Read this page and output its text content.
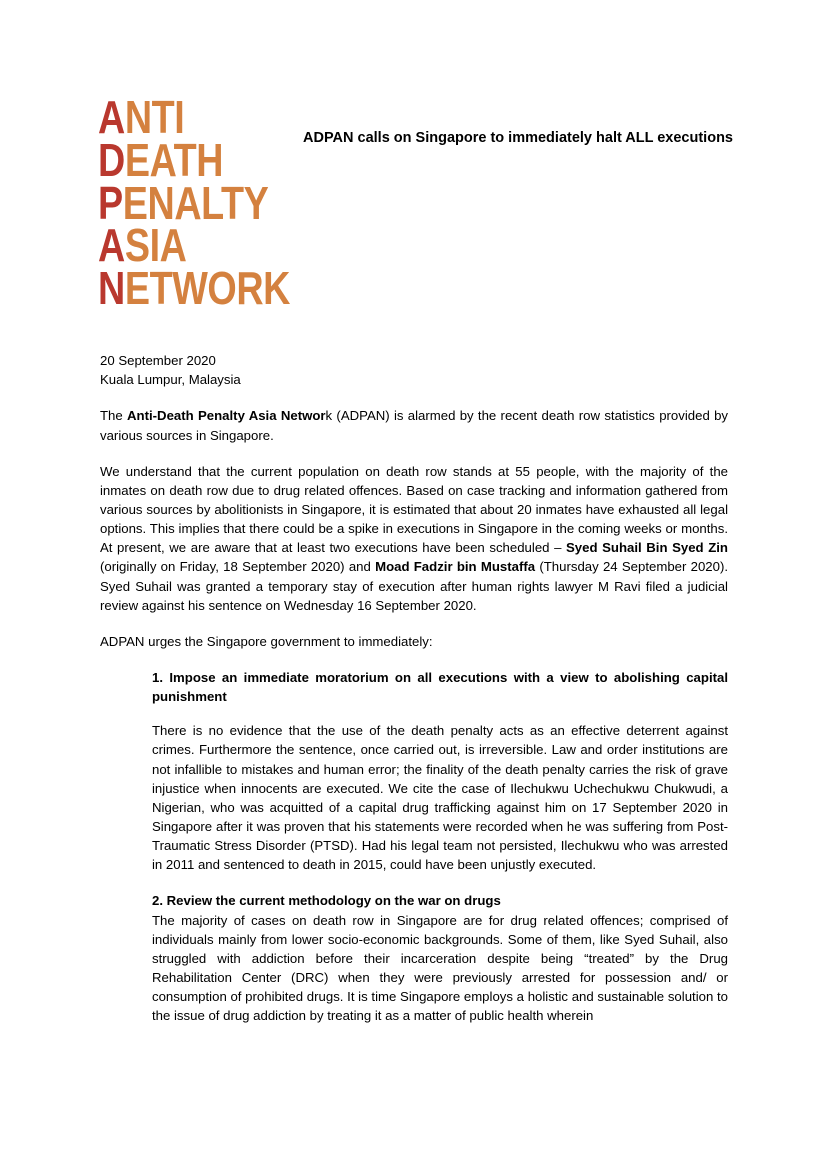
ANTI
DEATH
PENALTY
ASIA
NETWORK
ADPAN calls on Singapore to immediately halt ALL executions
20 September 2020
Kuala Lumpur, Malaysia

The Anti-Death Penalty Asia Network (ADPAN) is alarmed by the recent death row statistics provided by various sources in Singapore.

We understand that the current population on death row stands at 55 people, with the majority of the inmates on death row due to drug related offences. Based on case tracking and information gathered from various sources by abolitionists in Singapore, it is estimated that about 20 inmates have exhausted all legal options. This implies that there could be a spike in executions in Singapore in the coming weeks or months. At present, we are aware that at least two executions have been scheduled – Syed Suhail Bin Syed Zin (originally on Friday, 18 September 2020) and Moad Fadzir bin Mustaffa (Thursday 24 September 2020). Syed Suhail was granted a temporary stay of execution after human rights lawyer M Ravi filed a judicial review against his sentence on Wednesday 16 September 2020.

ADPAN urges the Singapore government to immediately:

1. Impose an immediate moratorium on all executions with a view to abolishing capital punishment

There is no evidence that the use of the death penalty acts as an effective deterrent against crimes. Furthermore the sentence, once carried out, is irreversible. Law and order institutions are not infallible to mistakes and human error; the finality of the death penalty carries the risk of grave injustice when innocents are executed. We cite the case of Ilechukwu Uchechukwu Chukwudi, a Nigerian, who was acquitted of a capital drug trafficking against him on 17 September 2020 in Singapore after it was proven that his statements were recorded when he was suffering from Post-Traumatic Stress Disorder (PTSD). Had his legal team not persisted, Ilechukwu who was arrested in 2011 and sentenced to death in 2015, could have been unjustly executed.

2. Review the current methodology on the war on drugs

The majority of cases on death row in Singapore are for drug related offences; comprised of individuals mainly from lower socio-economic backgrounds. Some of them, like Syed Suhail, also struggled with addiction before their incarceration despite being “treated” by the Drug Rehabilitation Center (DRC) when they were previously arrested for possession and/ or consumption of prohibited drugs. It is time Singapore employs a holistic and sustainable solution to the issue of drug addiction by treating it as a matter of public health wherein
